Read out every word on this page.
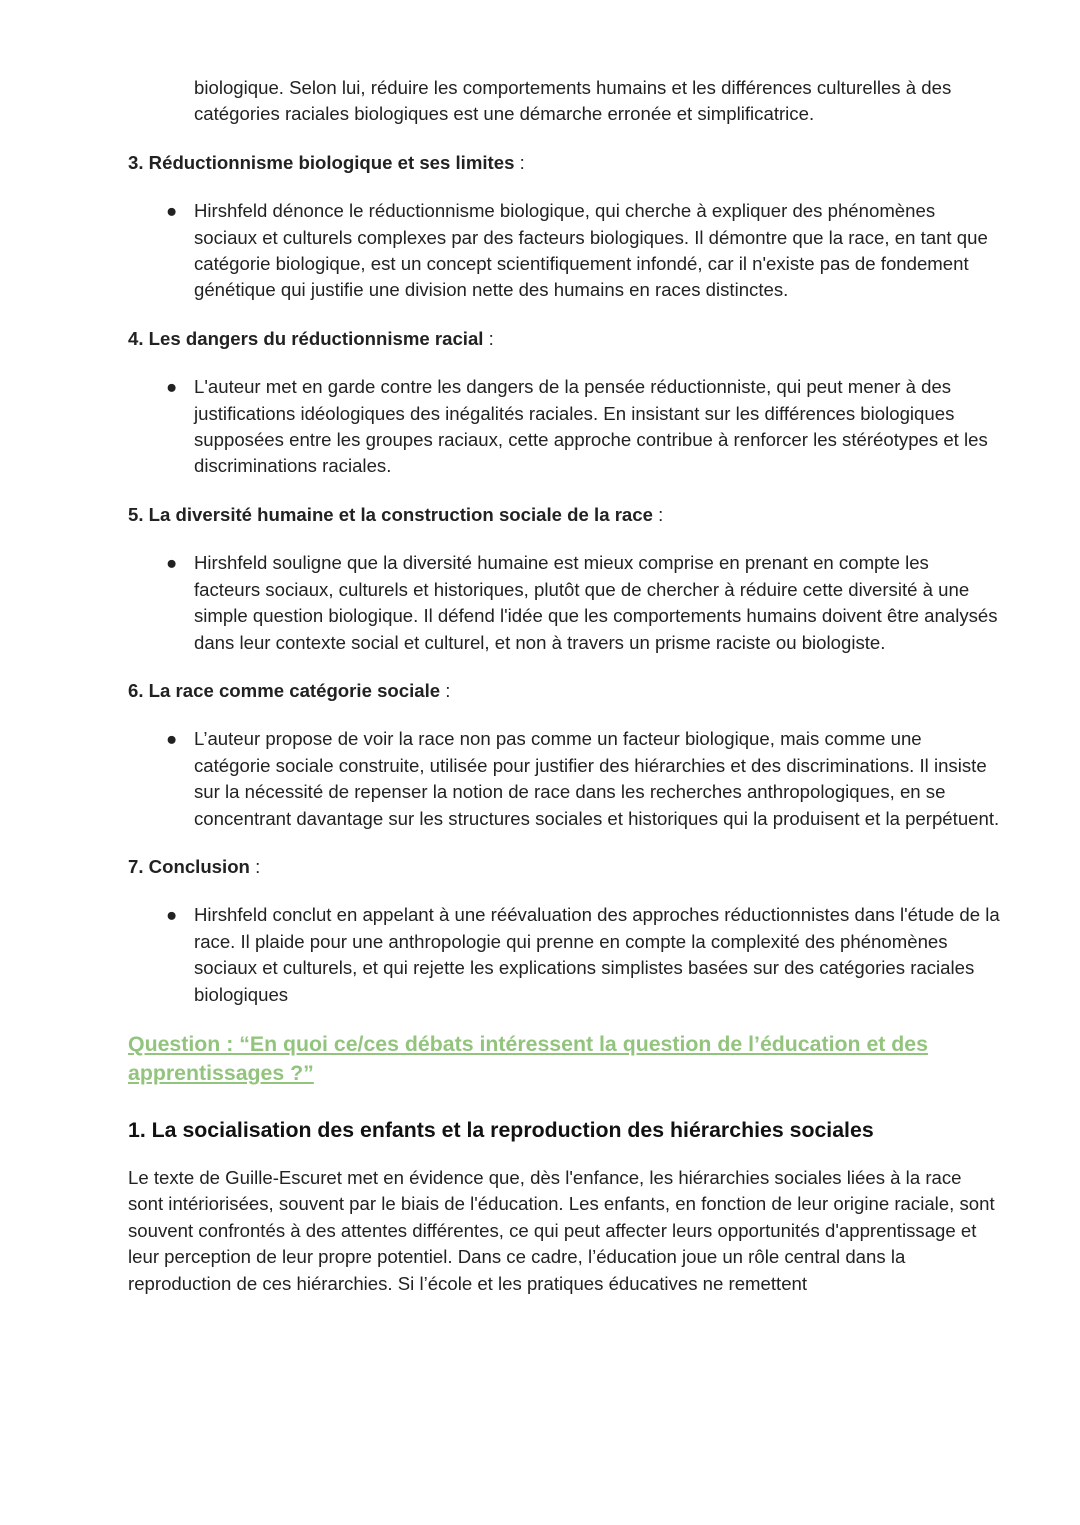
biologique. Selon lui, réduire les comportements humains et les différences culturelles à des catégories raciales biologiques est une démarche erronée et simplificatrice.

3. Réductionnisme biologique et ses limites :
● Hirshfeld dénonce le réductionnisme biologique, qui cherche à expliquer des phénomènes sociaux et culturels complexes par des facteurs biologiques. Il démontre que la race, en tant que catégorie biologique, est un concept scientifiquement infondé, car il n'existe pas de fondement génétique qui justifie une division nette des humains en races distinctes.
4. Les dangers du réductionnisme racial :
● L'auteur met en garde contre les dangers de la pensée réductionniste, qui peut mener à des justifications idéologiques des inégalités raciales. En insistant sur les différences biologiques supposées entre les groupes raciaux, cette approche contribue à renforcer les stéréotypes et les discriminations raciales.
5. La diversité humaine et la construction sociale de la race :
● Hirshfeld souligne que la diversité humaine est mieux comprise en prenant en compte les facteurs sociaux, culturels et historiques, plutôt que de chercher à réduire cette diversité à une simple question biologique. Il défend l'idée que les comportements humains doivent être analysés dans leur contexte social et culturel, et non à travers un prisme raciste ou biologiste.
6. La race comme catégorie sociale :
● L’auteur propose de voir la race non pas comme un facteur biologique, mais comme une catégorie sociale construite, utilisée pour justifier des hiérarchies et des discriminations. Il insiste sur la nécessité de repenser la notion de race dans les recherches anthropologiques, en se concentrant davantage sur les structures sociales et historiques qui la produisent et la perpétuent.
7. Conclusion :
● Hirshfeld conclut en appelant à une réévaluation des approches réductionnistes dans l'étude de la race. Il plaide pour une anthropologie qui prenne en compte la complexité des phénomènes sociaux et culturels, et qui rejette les explications simplistes basées sur des catégories raciales biologiques
Question : “En quoi ce/ces débats intéressent la question de l’éducation et des apprentissages ?”
1. La socialisation des enfants et la reproduction des hiérarchies sociales

Le texte de Guille-Escuret met en évidence que, dès l'enfance, les hiérarchies sociales liées à la race sont intériorisées, souvent par le biais de l'éducation. Les enfants, en fonction de leur origine raciale, sont souvent confrontés à des attentes différentes, ce qui peut affecter leurs opportunités d'apprentissage et leur perception de leur propre potentiel. Dans ce cadre, l’éducation joue un rôle central dans la reproduction de ces hiérarchies. Si l’école et les pratiques éducatives ne remettent
